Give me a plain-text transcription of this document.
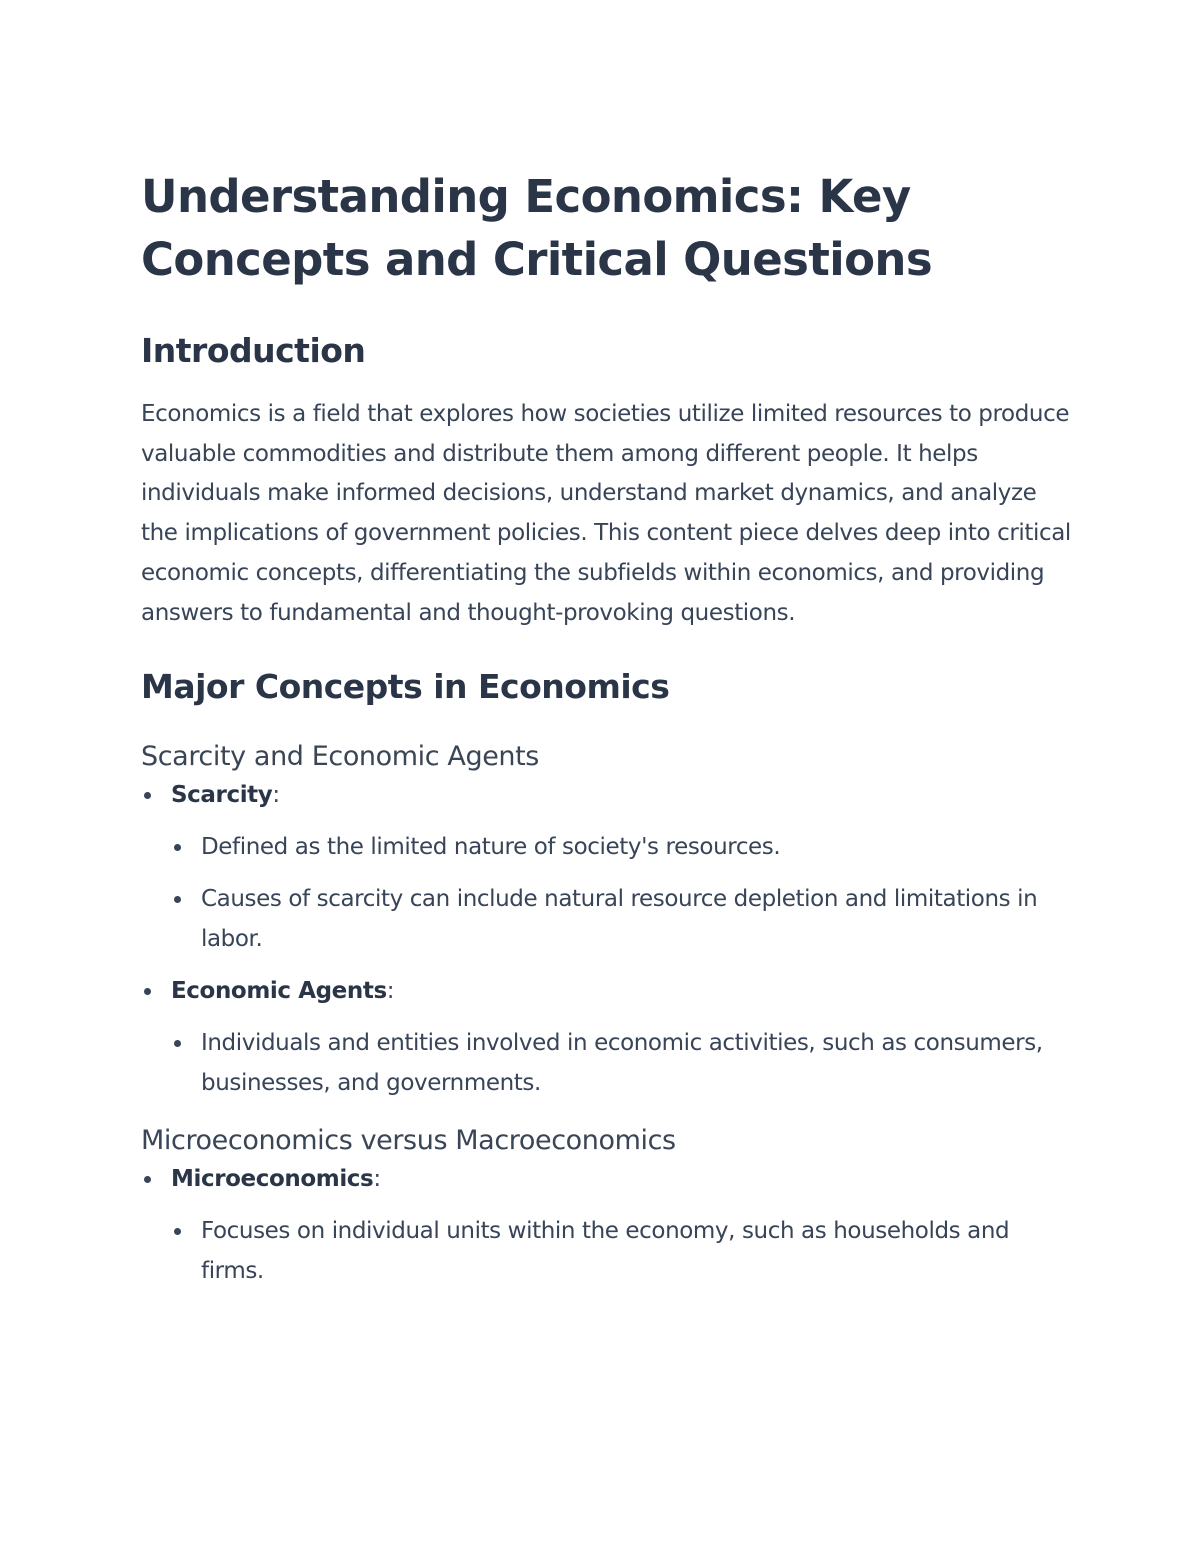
Understanding Economics: Key Concepts and Critical Questions
Introduction

Economics is a field that explores how societies utilize limited resources to produce valuable commodities and distribute them among different people. It helps individuals make informed decisions, understand market dynamics, and analyze the implications of government policies. This content piece delves deep into critical economic concepts, differentiating the subfields within economics, and providing answers to fundamental and thought-provoking questions.

Major Concepts in Economics
Scarcity and Economic Agents
Scarcity:
Defined as the limited nature of society's resources.
Causes of scarcity can include natural resource depletion and limitations in labor.
Economic Agents:
Individuals and entities involved in economic activities, such as consumers, businesses, and governments.
Microeconomics versus Macroeconomics
Microeconomics:
Focuses on individual units within the economy, such as households and firms.
